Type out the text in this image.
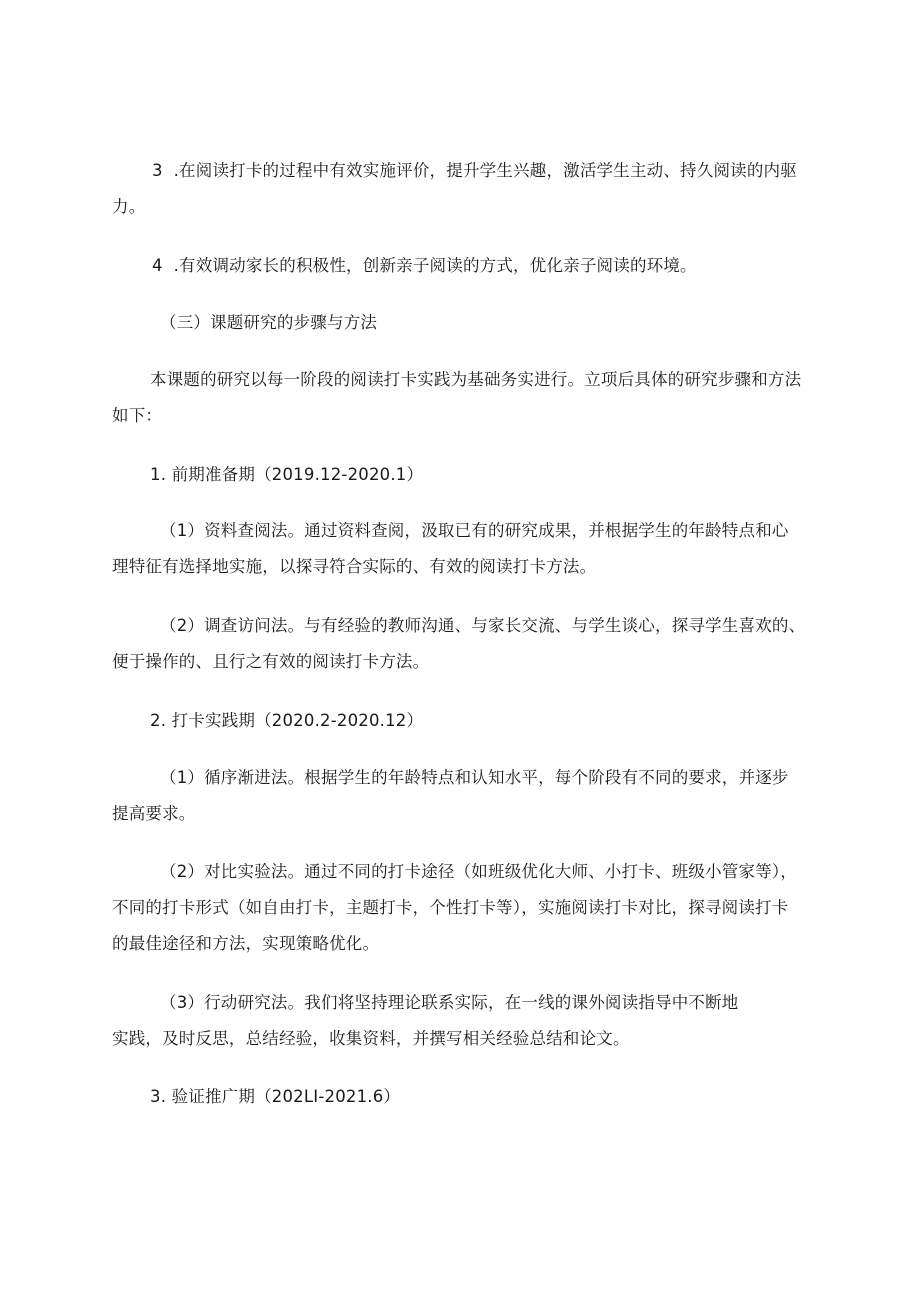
3 .在阅读打卡的过程中有效实施评价，提升学生兴趣，激活学生主动、持久阅读的内驱
力。
4 .有效调动家长的积极性，创新亲子阅读的方式，优化亲子阅读的环境。
（三）课题研究的步骤与方法
本课题的研究以每一阶段的阅读打卡实践为基础务实进行。立项后具体的研究步骤和方法
如下：
1. 前期准备期（2019.12-2020.1）
（1）资料查阅法。通过资料查阅，汲取已有的研究成果，并根据学生的年龄特点和心
理特征有选择地实施，以探寻符合实际的、有效的阅读打卡方法。
（2）调查访问法。与有经验的教师沟通、与家长交流、与学生谈心，探寻学生喜欢的、
便于操作的、且行之有效的阅读打卡方法。
2. 打卡实践期（2020.2-2020.12）
（1）循序渐进法。根据学生的年龄特点和认知水平，每个阶段有不同的要求，并逐步
提高要求。
（2）对比实验法。通过不同的打卡途径（如班级优化大师、小打卡、班级小管家等），
不同的打卡形式（如自由打卡，主题打卡，个性打卡等），实施阅读打卡对比，探寻阅读打卡
的最佳途径和方法，实现策略优化。
（3）行动研究法。我们将坚持理论联系实际，在一线的课外阅读指导中不断地
实践，及时反思，总结经验，收集资料，并撰写相关经验总结和论文。
3. 验证推广期（202LI-2021.6）
